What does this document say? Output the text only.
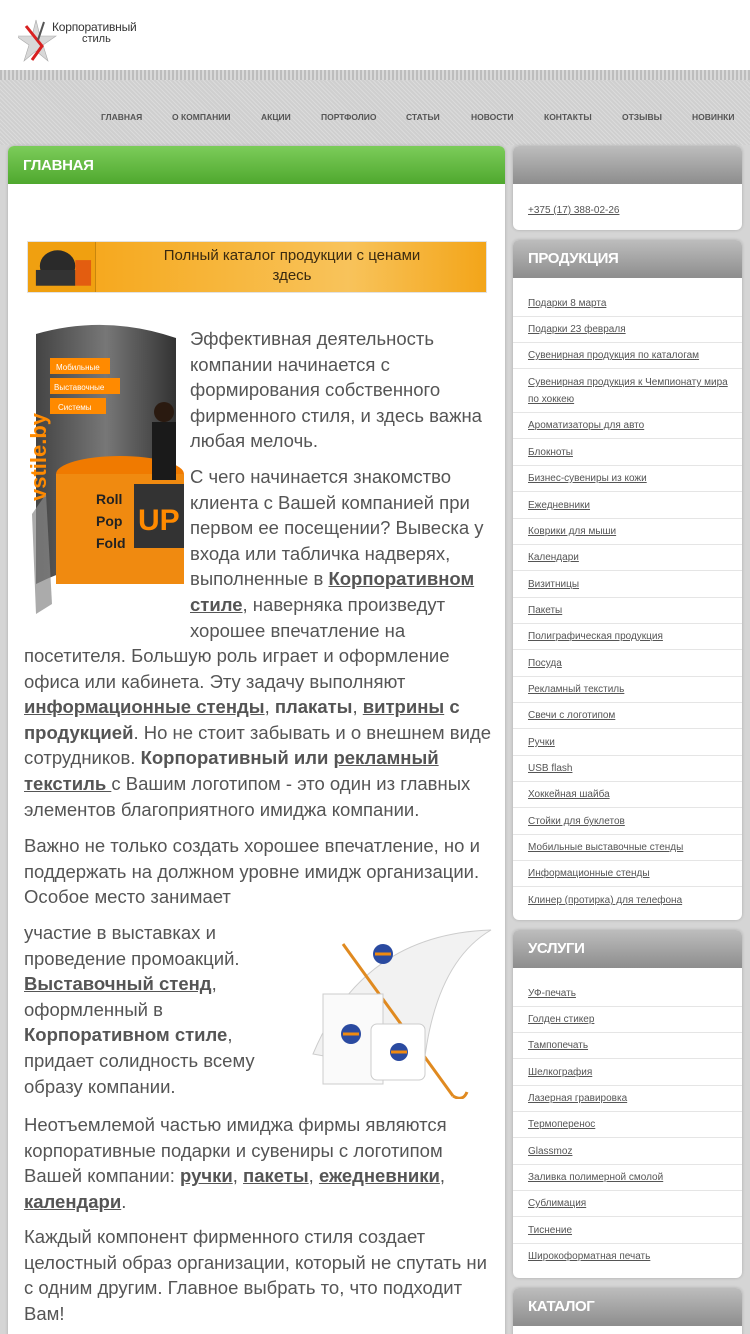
Корпоративный
стиль
ГЛАВНАЯ	О КОМПАНИИ	АКЦИИ	ПОРТФОЛИО	СТАТЬИ	НОВОСТИ	КОНТАКТЫ	ОТЗЫВЫ	НОВИНКИ
ГЛАВНАЯ
Полный каталог продукции с ценами
здесь
Мобильные
Выставочные
Системы
vstile.by	Roll
Pop
Fold
UP
Эффективная деятельность компании начинается с формирования собственного фирменного стиля, и здесь важна любая мелочь.
С чего начинается знакомство клиента с Вашей компанией при первом ее посещении? Вывеска у входа или табличка надверях, выполненные в Корпоративном стиле, наверняка произведут хорошее впечатление на
посетителя. Большую роль играет и оформление офиса или кабинета. Эту задачу выполняют информационные стенды, плакаты, витрины с продукцией. Но не стоит забывать и о внешнем виде сотрудников. Корпоративный или рекламный текстиль с Вашим логотипом - это один из главных элементов благоприятного имиджа компании.
Важно не только создать хорошее впечатление, но и поддержать на должном уровне имидж организации. Особое место занимает
участие в выставках и проведение промоакций. Выставочный стенд, оформленный в Корпоративном стиле, придает солидность всему образу компании.
Неотъемлемой частью имиджа фирмы являются корпоративные подарки и сувениры с логотипом Вашей компании: ручки, пакеты, ежедневники, календари.
Каждый компонент фирменного стиля создает целостный образ организации, который не спутать ни с одним другим. Главное выбрать то, что подходит Вам!
+375 (17) 388-02-26
ПРОДУКЦИЯ
Подарки 8 марта
Подарки 23 февраля
Сувенирная продукция по каталогам
Сувенирная продукция к Чемпионату мира по хоккею
Ароматизаторы для авто
Блокноты
Бизнес-сувениры из кожи
Ежедневники
Коврики для мыши
Календари
Визитницы
Пакеты
Полиграфическая продукция
Посуда
Рекламный текстиль
Свечи с логотипом
Ручки
USB flash
Хоккейная шайба
Стойки для буклетов
Мобильные выставочные стенды
Информационные стенды
Клинер (протирка) для телефона
УСЛУГИ
УФ-печать
Голден стикер
Тампопечать
Шелкография
Лазерная гравировка
Термоперенос
Glassmoz
Заливка полимерной смолой
Сублимация
Тиснение
Широкоформатная печать
КАТАЛОГ
